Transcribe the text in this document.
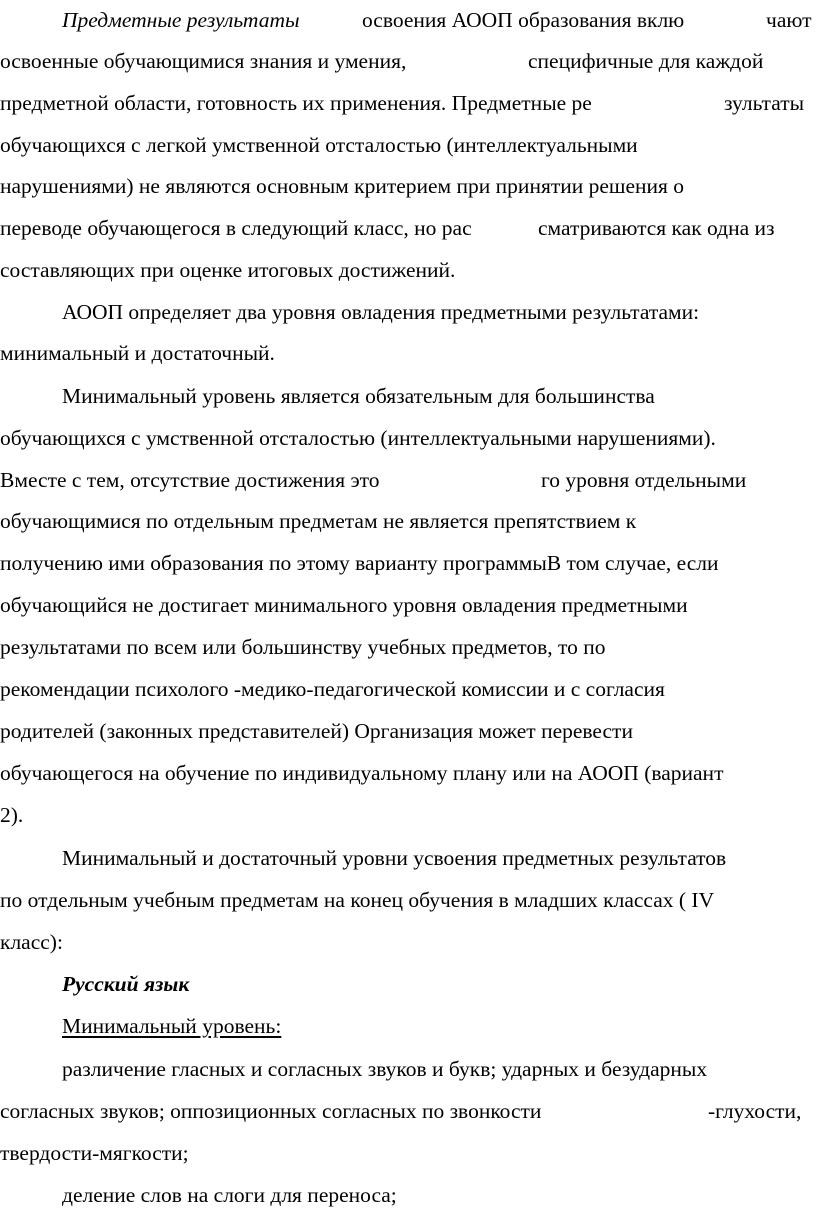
Предметные результаты	освоения АООП образования вклю	чают
освоенные обучающимися знания и умения,	специфичные для каждой
предметной области, готовность их применения. Предметные ре	зультаты
обучающихся с легкой умственной отсталостью (интеллектуальными
нарушениями) не являются основным критерием при принятии решения о
переводе обучающегося в следующий класс, но рас	сматриваются как одна из
составляющих при оценке итоговых достижений.
АООП определяет два уровня овладения предметными результатами:
минимальный и достаточный.
Минимальный уровень является обязательным для большинства
обучающихся с умственной отсталостью (интеллектуальными нарушениями).
Вместе с тем, отсутствие достижения это	го уровня отдельными
обучающимися по отдельным предметам не является препятствием к
получению ими образования по этому варианту программыВ том случае, если
обучающийся не достигает минимального уровня овладения предметными
результатами по всем или большинству учебных предметов, то по
рекомендации психолого -медико-педагогической комиссии и с согласия
родителей (законных представителей) Организация может перевести
обучающегося на обучение по индивидуальному плану или на АООП (вариант
2).
Минимальный и достаточный уровни усвоения предметных результатов
по отдельным учебным предметам на конец обучения в младших классах ( IV
класс):
Русский язык
Минимальный уровень:
различение гласных и согласных звуков и букв; ударных и безударных
согласных звуков; оппозиционных согласных по звонкости	-глухости,
твердости-мягкости;
деление слов на слоги для переноса;
